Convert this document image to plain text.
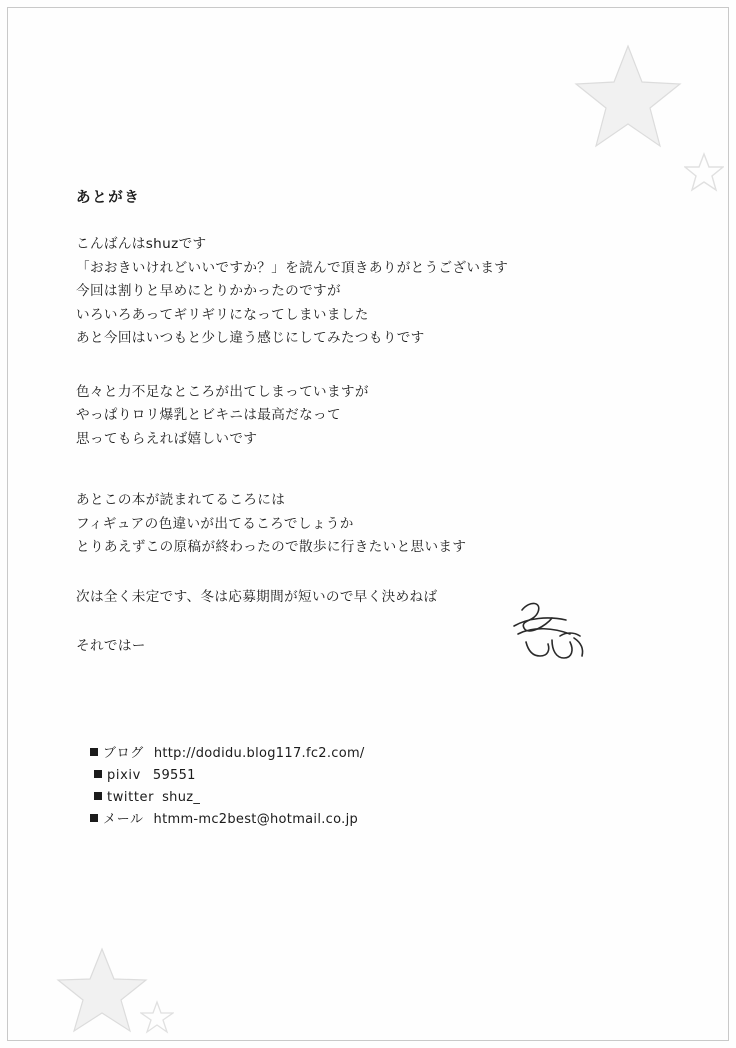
あとがき

こんばんはshuzです
「おおきいけれどいいですか？」を読んで頂きありがとうございます
今回は割りと早めにとりかかったのですが
いろいろあってギリギリになってしまいました
あと今回はいつもと少し違う感じにしてみたつもりです

色々と力不足なところが出てしまっていますが
やっぱりロリ爆乳とビキニは最高だなって
思ってもらえれば嬉しいです

あとこの本が読まれてるころには
フィギュアの色違いが出てるころでしょうか
とりあえずこの原稿が終わったので散歩に行きたいと思います

次は全く未定です、冬は応募期間が短いので早く決めねば

それではー

ブログ http://dodidu.blog117.fc2.com/
pixiv 59551
twitter shuz_
メール htmm-mc2best@hotmail.co.jp
